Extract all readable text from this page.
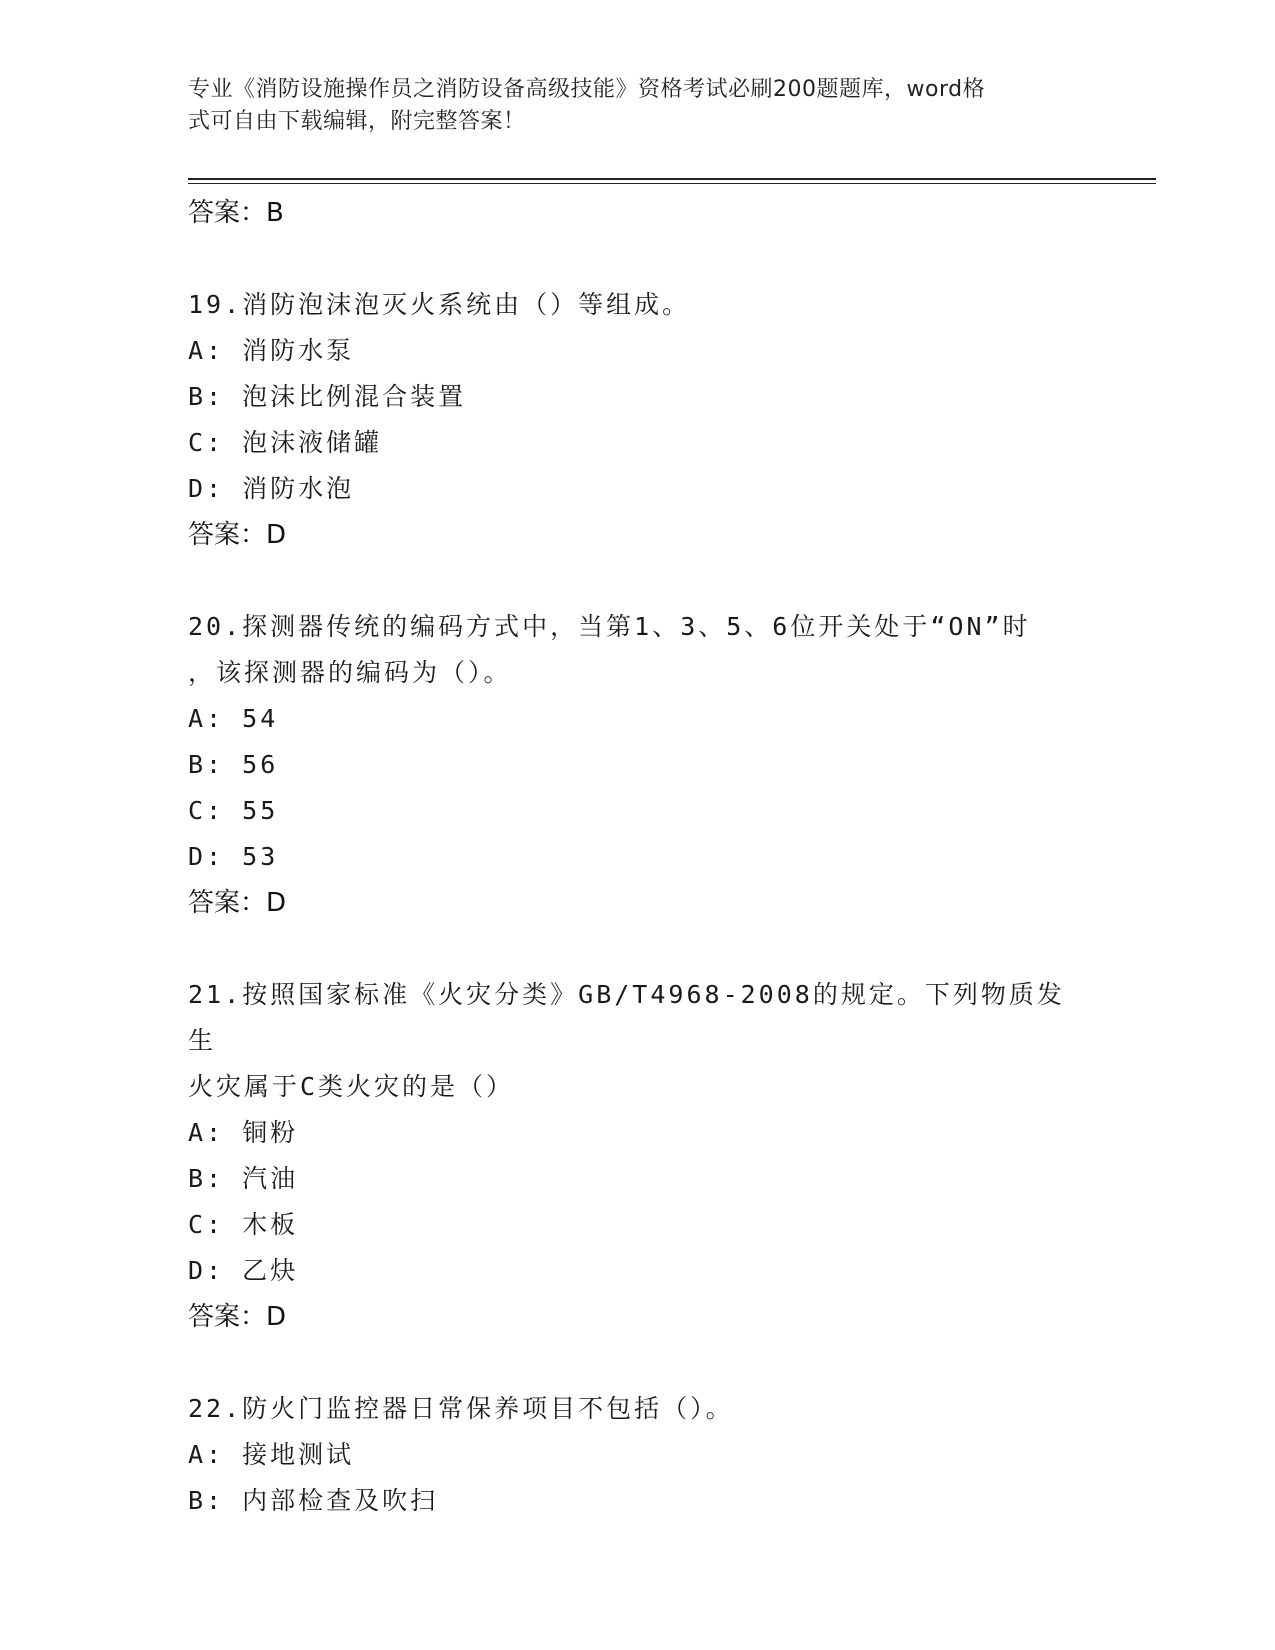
专业《消防设施操作员之消防设备高级技能》资格考试必刷200题题库，word格
式可自由下载编辑，附完整答案！
答案：B
19.消防泡沫泡灭火系统由（）等组成。
A: 消防水泵
B: 泡沫比例混合装置
C: 泡沫液储罐
D: 消防水泡
答案：D
20.探测器传统的编码方式中，当第1、3、5、6位开关处于“ON”时
，该探测器的编码为（）。
A: 54
B: 56
C: 55
D: 53
答案：D
21.按照国家标准《火灾分类》GB/T4968-2008的规定。下列物质发生
火灾属于C类火灾的是（）
A: 铜粉
B: 汽油
C: 木板
D: 乙炔
答案：D
22.防火门监控器日常保养项目不包括（）。
A: 接地测试
B: 内部检查及吹扫
